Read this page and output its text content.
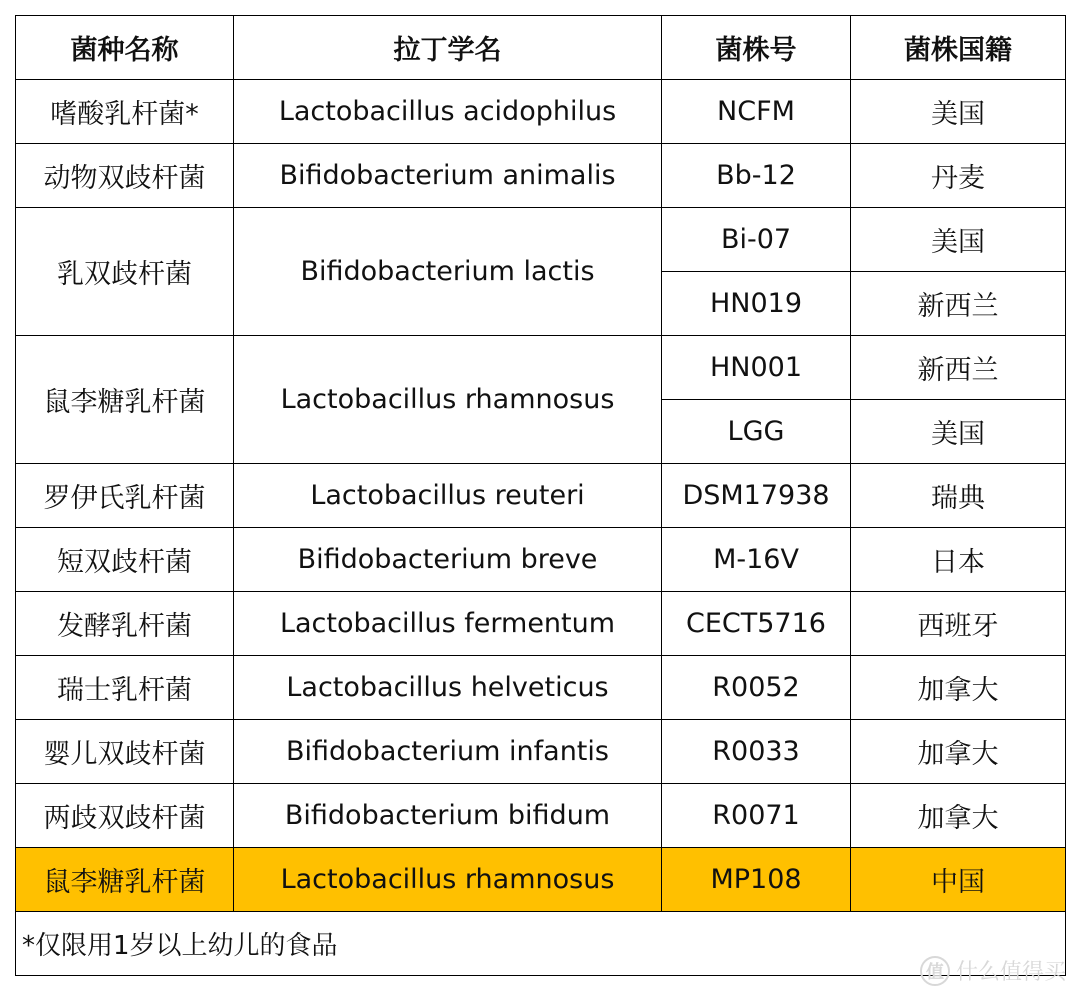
菌种名称	拉丁学名	菌株号	菌株国籍
嗜酸乳杆菌*	Lactobacillus acidophilus	NCFM	美国
动物双歧杆菌	Bifidobacterium animalis	Bb-12	丹麦
乳双歧杆菌	Bifidobacterium lactis	Bi-07	美国
		HN019	新西兰
鼠李糖乳杆菌	Lactobacillus rhamnosus	HN001	新西兰
		LGG	美国
罗伊氏乳杆菌	Lactobacillus reuteri	DSM17938	瑞典
短双歧杆菌	Bifidobacterium breve	M-16V	日本
发酵乳杆菌	Lactobacillus fermentum	CECT5716	西班牙
瑞士乳杆菌	Lactobacillus helveticus	R0052	加拿大
婴儿双歧杆菌	Bifidobacterium infantis	R0033	加拿大
两歧双歧杆菌	Bifidobacterium bifidum	R0071	加拿大
鼠李糖乳杆菌	Lactobacillus rhamnosus	MP108	中国
*仅限用1岁以上幼儿的食品			
值 什么值得买
